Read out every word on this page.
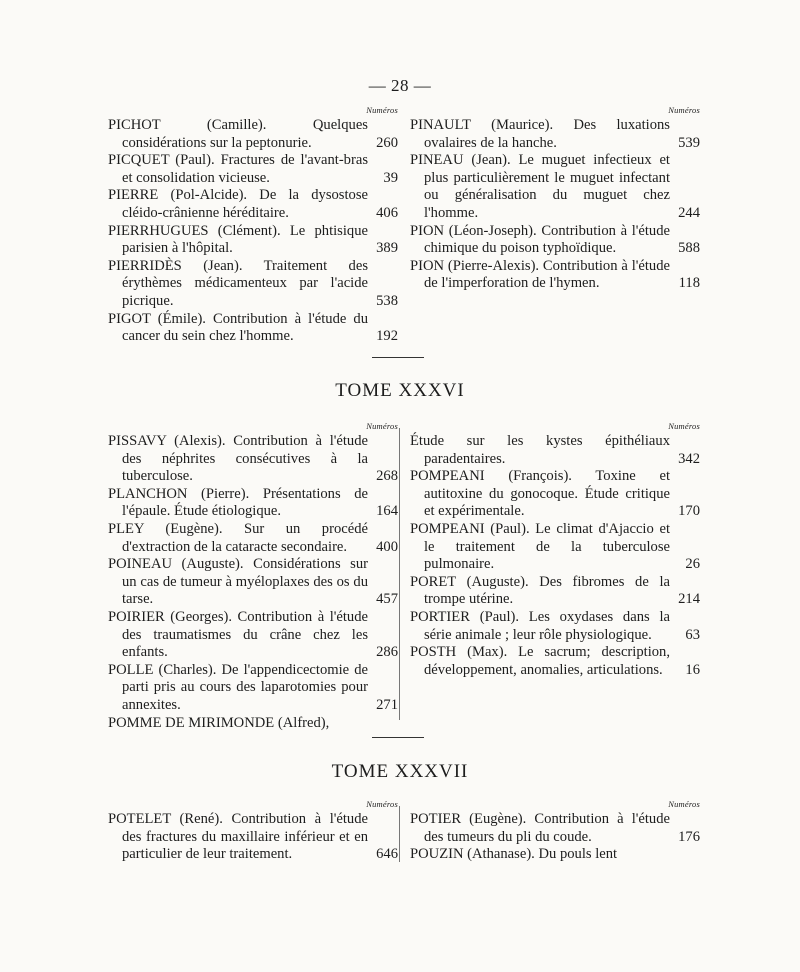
— 28 —
Numéros
PICHOT (Camille). Quelques considérations sur la peptonurie.	260
PICQUET (Paul). Fractures de l'avant-bras et consolidation vicieuse.	39
PIERRE (Pol-Alcide). De la dysostose cléido-crânienne héréditaire.	406
PIERRHUGUES (Clément). Le phtisique parisien à l'hôpital.	389
PIERRIDÈS (Jean). Traitement des érythèmes médicamenteux par l'acide picrique.	538
PIGOT (Émile). Contribution à l'étude du cancer du sein chez l'homme.	192
Numéros
PINAULT (Maurice). Des luxations ovalaires de la hanche.	539
PINEAU (Jean). Le muguet infectieux et plus particulièrement le muguet infectant ou généralisation du muguet chez l'homme.	244
PION (Léon-Joseph). Contribution à l'étude chimique du poison typhoïdique.	588
PION (Pierre-Alexis). Contribution à l'étude de l'imperforation de l'hymen.	118
TOME XXXVI
Numéros
PISSAVY (Alexis). Contribution à l'étude des néphrites consécutives à la tuberculose.	268
PLANCHON (Pierre). Présentations de l'épaule. Étude étiologique.	164
PLEY (Eugène). Sur un procédé d'extraction de la cataracte secondaire.	400
POINEAU (Auguste). Considérations sur un cas de tumeur à myéloplaxes des os du tarse.	457
POIRIER (Georges). Contribution à l'étude des traumatismes du crâne chez les enfants.	286
POLLE (Charles). De l'appendicectomie de parti pris au cours des laparotomies pour annexites.	271
POMME DE MIRIMONDE (Alfred),
Numéros
Étude sur les kystes épithéliaux paradentaires.	342
POMPEANI (François). Toxine et autitoxine du gonocoque. Étude critique et expérimentale.	170
POMPEANI (Paul). Le climat d'Ajaccio et le traitement de la tuberculose pulmonaire.	26
PORET (Auguste). Des fibromes de la trompe utérine.	214
PORTIER (Paul). Les oxydases dans la série animale ; leur rôle physiologique.	63
POSTH (Max). Le sacrum; description, développement, anomalies, articulations.	16
TOME XXXVII
Numéros
POTELET (René). Contribution à l'étude des fractures du maxillaire inférieur et en particulier de leur traitement.	646
Numéros
POTIER (Eugène). Contribution à l'étude des tumeurs du pli du coude.	176
POUZIN (Athanase). Du pouls lent
